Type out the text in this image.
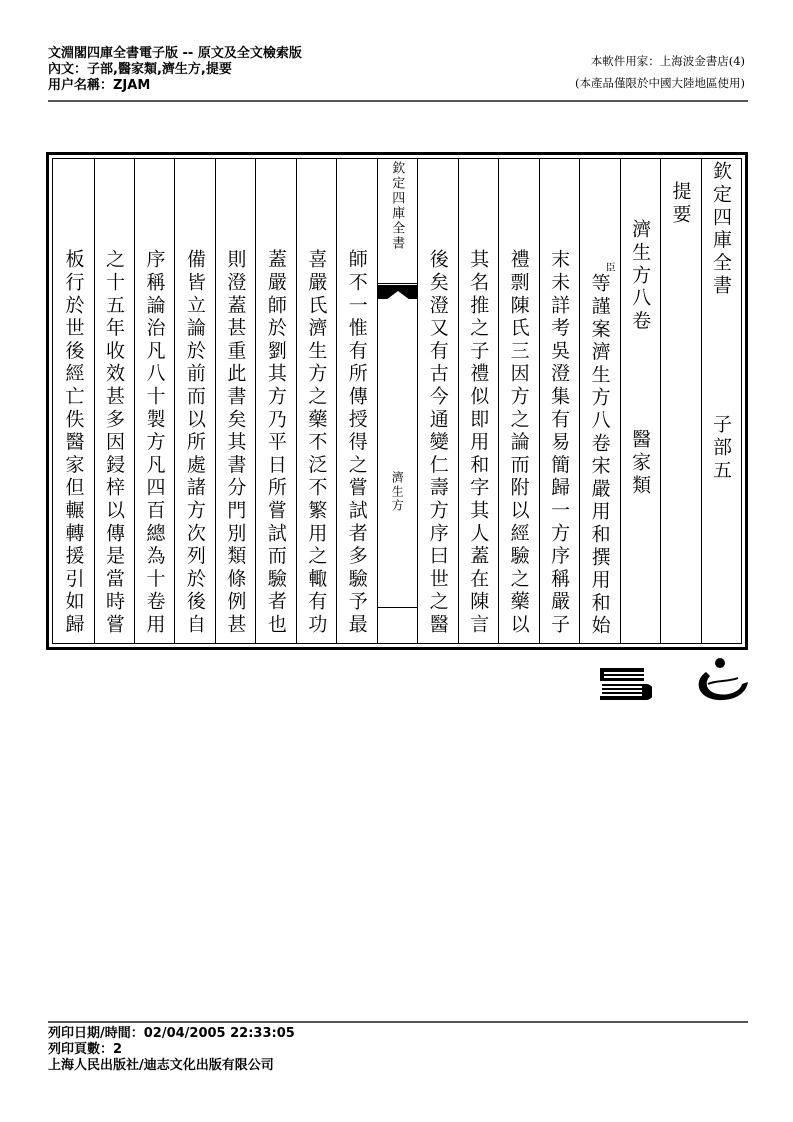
文淵閣四庫全書電子版 -- 原文及全文檢索版
內文：子部,醫家類,濟生方,提要
用户名稱：ZJAM
本軟件用家：上海波金書店(4)
(本產品僅限於中國大陸地區使用)
欽定四庫全書
子部五
提要
濟生方八卷
醫家類
臣
等謹案濟生方八卷宋嚴用和撰用和始
末未詳考吳澄集有易簡歸一方序稱嚴子
禮剽陳氏三因方之論而附以經驗之藥以
其名推之子禮似即用和字其人蓋在陳言
後矣澄又有古今通變仁壽方序曰世之醫
欽定四庫全書
濟生方
師不一惟有所傳授得之嘗試者多驗予最
喜嚴氏濟生方之藥不泛不繁用之輙有功
蓋嚴師於劉其方乃平日所嘗試而驗者也
則澄蓋甚重此書矣其書分門別類條例甚
備皆立論於前而以所處諸方次列於後自
序稱論治凡八十製方凡四百總為十卷用
之十五年收效甚多因鋟梓以傳是當時嘗
板行於世後經亡佚醫家但輾轉援引如歸
列印日期/時間：02/04/2005 22:33:05
列印頁數：2
上海人民出版社/迪志文化出版有限公司
